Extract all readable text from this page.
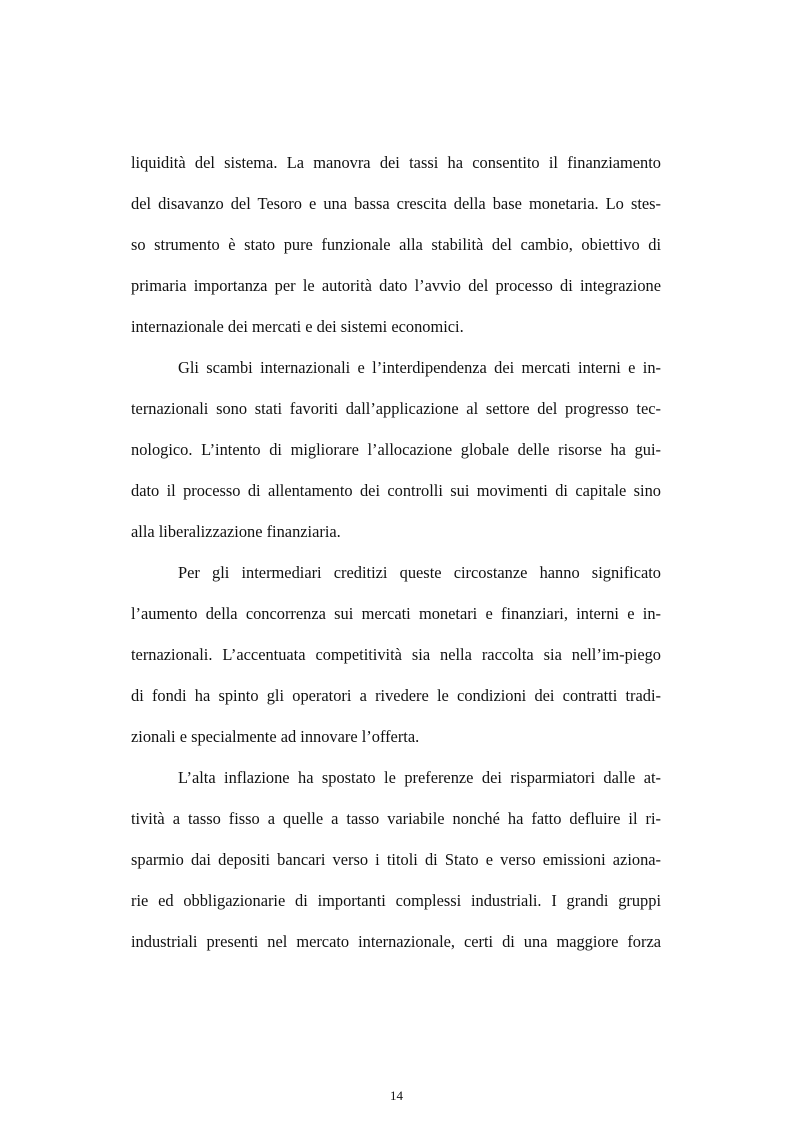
liquidità del sistema. La manovra dei tassi ha consentito il finanziamento
del disavanzo del Tesoro e una bassa crescita della base monetaria. Lo stes-
so strumento è stato pure funzionale alla stabilità del cambio, obiettivo di
primaria importanza per le autorità dato l’avvio del processo di integrazione
internazionale dei mercati e dei sistemi economici.
Gli scambi internazionali e l’interdipendenza dei mercati interni e in-
ternazionali sono stati favoriti dall’applicazione al settore del progresso tec-
nologico. L’intento di migliorare l’allocazione globale delle risorse ha gui-
dato il processo di allentamento dei controlli sui movimenti di capitale sino
alla liberalizzazione finanziaria.
Per gli intermediari creditizi queste circostanze hanno significato
l’aumento della concorrenza sui mercati monetari e finanziari, interni e in-
ternazionali. L’accentuata competitività sia nella raccolta sia nell’im-piego
di fondi ha spinto gli operatori a rivedere le condizioni dei contratti tradi-
zionali e specialmente ad innovare l’offerta.
L’alta inflazione ha spostato le preferenze dei risparmiatori dalle at-
tività a tasso fisso a quelle a tasso variabile nonché ha fatto defluire il ri-
sparmio dai depositi bancari verso i titoli di Stato e verso emissioni aziona-
rie ed obbligazionarie di importanti complessi industriali. I grandi gruppi
industriali presenti nel mercato internazionale, certi di una maggiore forza
14
